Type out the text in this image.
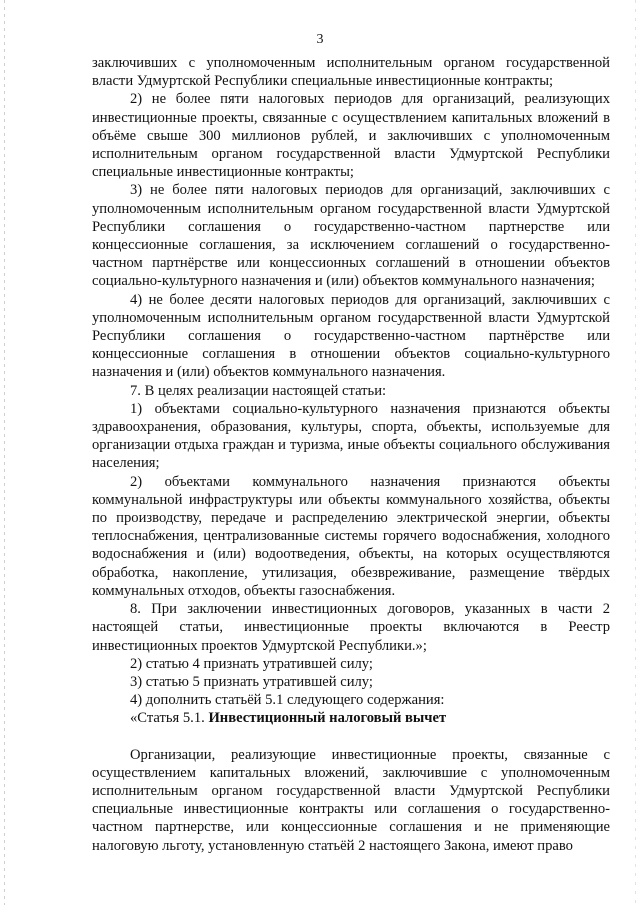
3

заключивших с уполномоченным исполнительным органом государственной власти Удмуртской Республики специальные инвестиционные контракты;

2) не более пяти налоговых периодов для организаций, реализующих инвестиционные проекты, связанные с осуществлением капитальных вложений в объёме свыше 300 миллионов рублей, и заключивших с уполномоченным исполнительным органом государственной власти Удмуртской Республики специальные инвестиционные контракты;

3) не более пяти налоговых периодов для организаций, заключивших с уполномоченным исполнительным органом государственной власти Удмуртской Республики соглашения о государственно-частном партнерстве или концессионные соглашения, за исключением соглашений о государственно-частном партнёрстве или концессионных соглашений в отношении объектов социально-культурного назначения и (или) объектов коммунального назначения;

4) не более десяти налоговых периодов для организаций, заключивших с уполномоченным исполнительным органом государственной власти Удмуртской Республики соглашения о государственно-частном партнёрстве или концессионные соглашения в отношении объектов социально-культурного назначения и (или) объектов коммунального назначения.

7. В целях реализации настоящей статьи:

1) объектами социально-культурного назначения признаются объекты здравоохранения, образования, культуры, спорта, объекты, используемые для организации отдыха граждан и туризма, иные объекты социального обслуживания населения;

2) объектами коммунального назначения признаются объекты коммунальной инфраструктуры или объекты коммунального хозяйства, объекты по производству, передаче и распределению электрической энергии, объекты теплоснабжения, централизованные системы горячего водоснабжения, холодного водоснабжения и (или) водоотведения, объекты, на которых осуществляются обработка, накопление, утилизация, обезвреживание, размещение твёрдых коммунальных отходов, объекты газоснабжения.

8. При заключении инвестиционных договоров, указанных в части 2 настоящей статьи, инвестиционные проекты включаются в Реестр инвестиционных проектов Удмуртской Республики.»;

2) статью 4 признать утратившей силу;

3) статью 5 признать утратившей силу;

4) дополнить статьёй 5.1 следующего содержания:

«Статья 5.1. Инвестиционный налоговый вычет

Организации, реализующие инвестиционные проекты, связанные с осуществлением капитальных вложений, заключившие с уполномоченным исполнительным органом государственной власти Удмуртской Республики специальные инвестиционные контракты или соглашения о государственно-частном партнерстве, или концессионные соглашения и не применяющие налоговую льготу, установленную статьёй 2 настоящего Закона, имеют право
